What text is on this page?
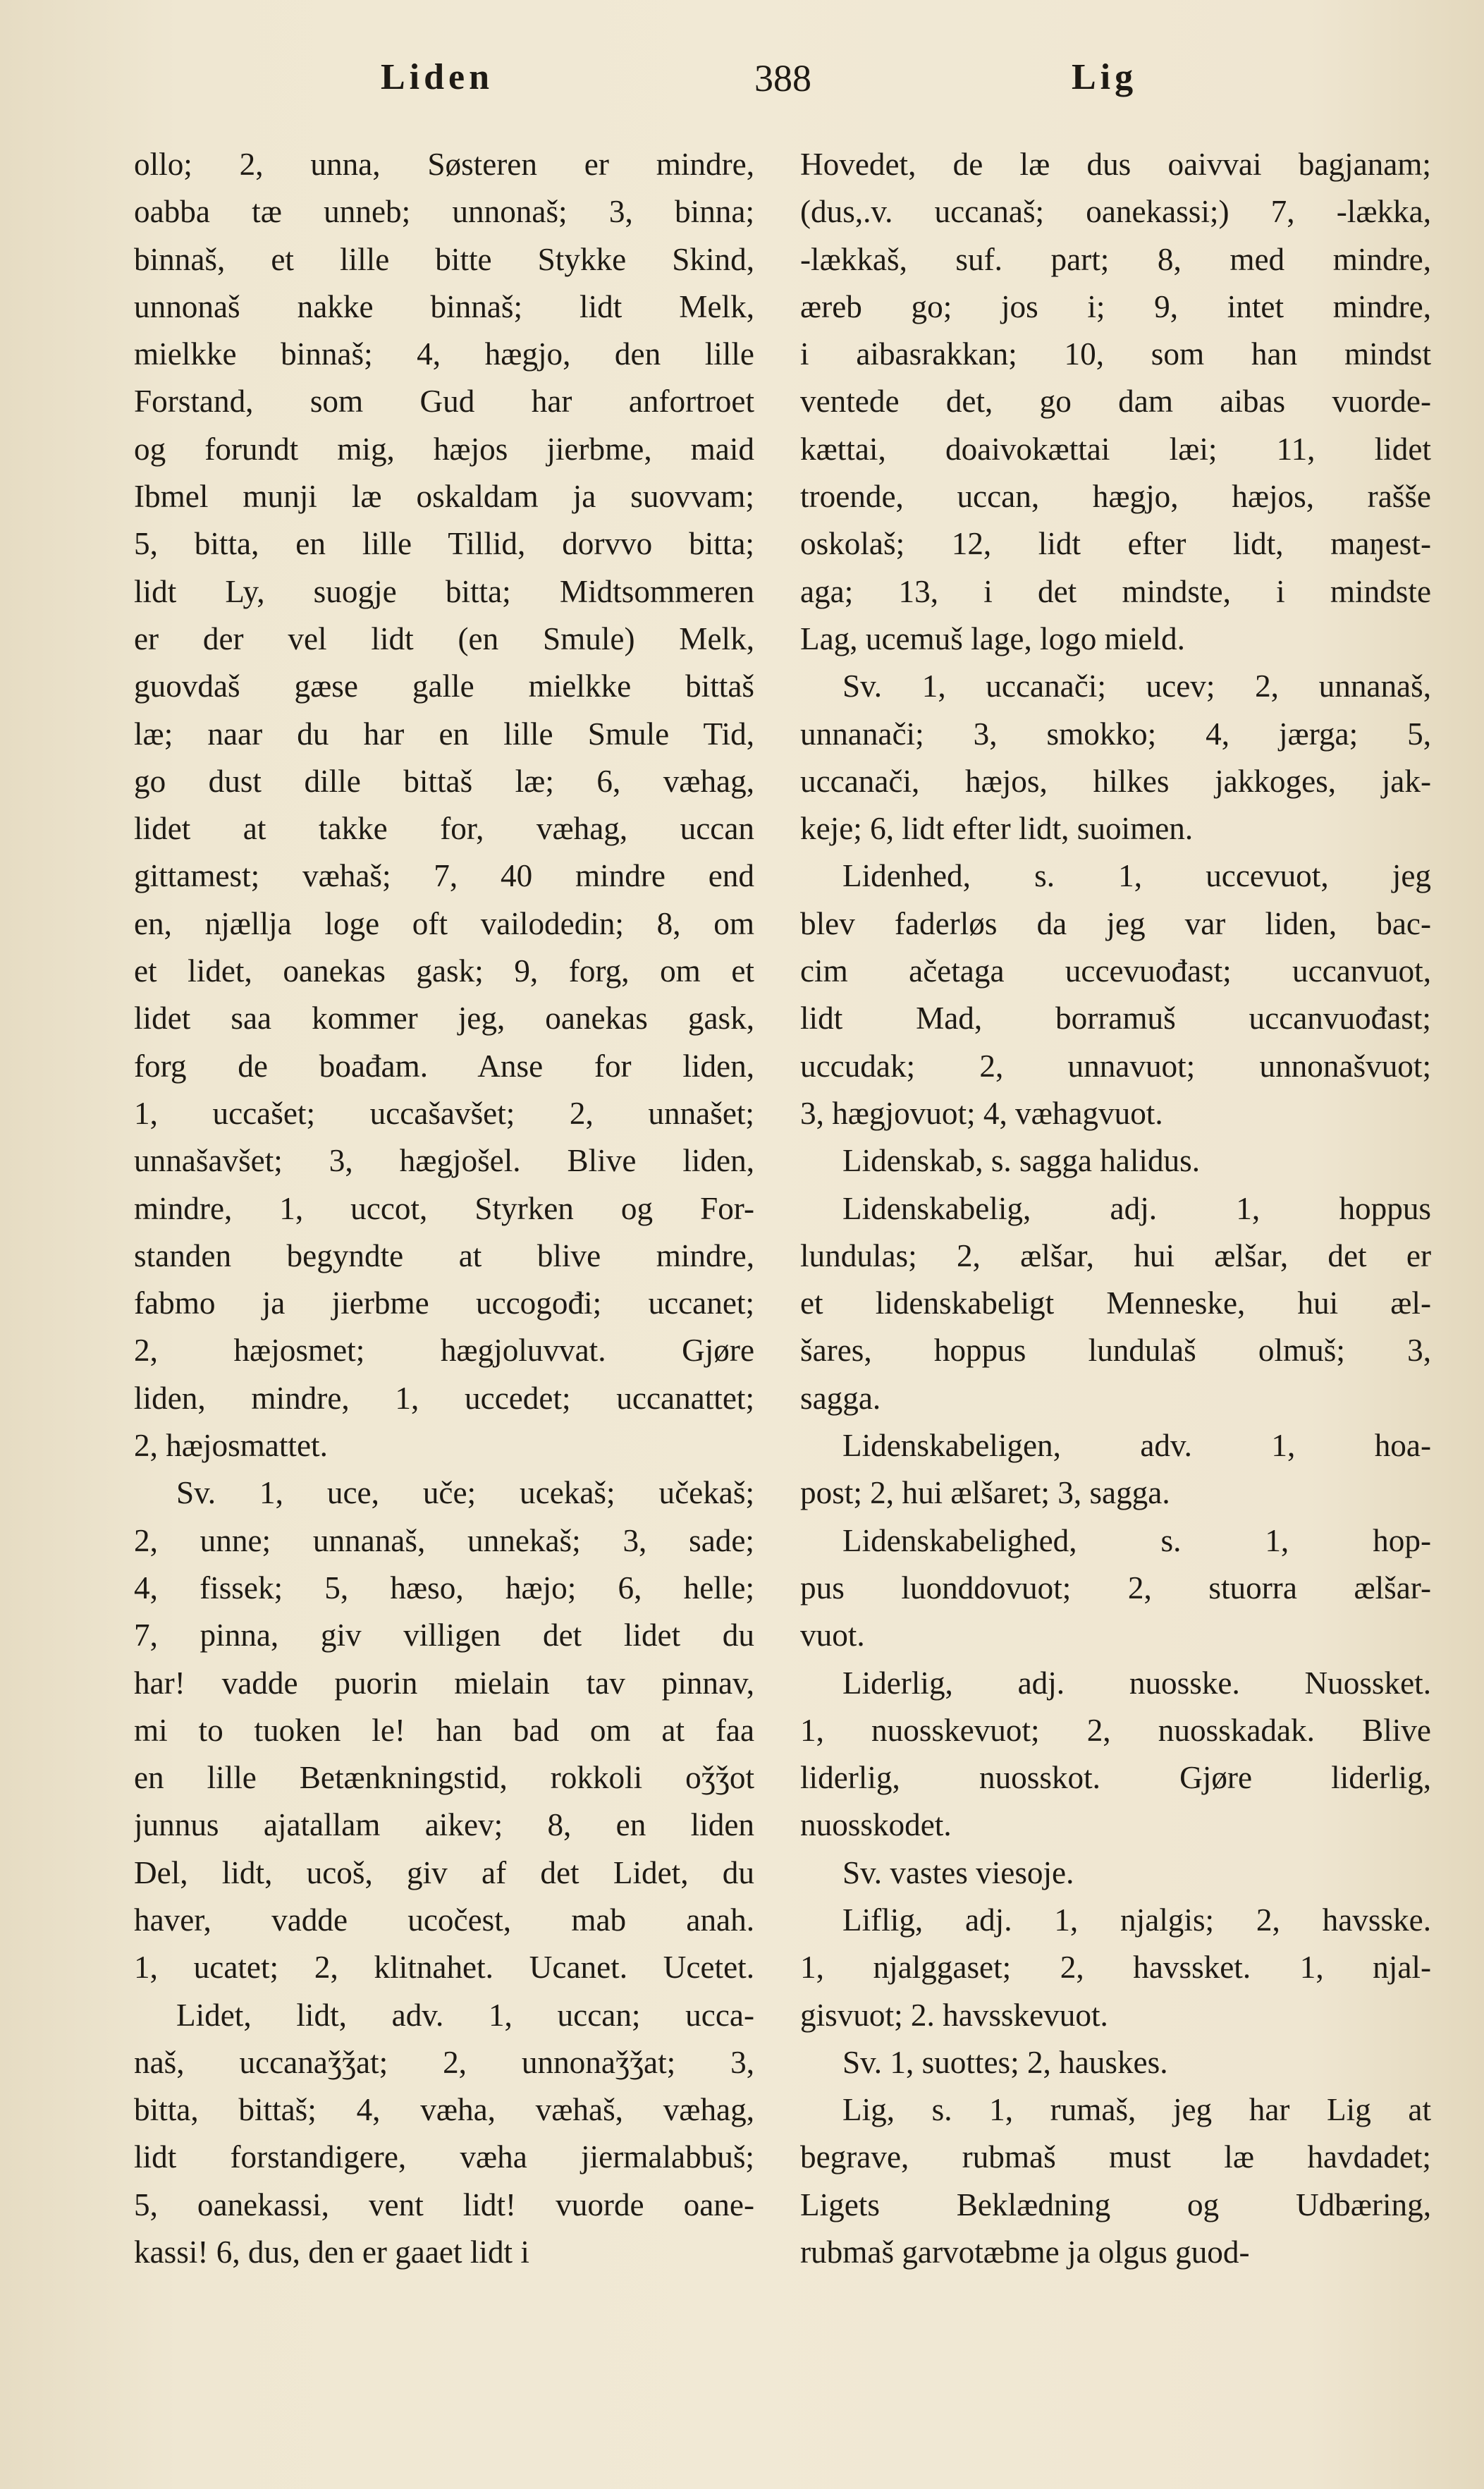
Liden	388	Lig

ollo; 2, unna, Søsteren er mindre,

oabba tæ unneb; unnonaš; 3, binna;

binnaš, et lille bitte Stykke Skind,

unnonaš nakke binnaš; lidt Melk,

mielkke binnaš; 4, hægjo, den lille

Forstand, som Gud har anfortroet

og forundt mig, hæjos jierbme, maid

Ibmel munji læ oskaldam ja suovvam;

5, bitta, en lille Tillid, dorvvo bitta;

lidt Ly, suogje bitta; Midtsommeren

er der vel lidt (en Smule) Melk,

guovdaš gæse galle mielkke bittaš

læ; naar du har en lille Smule Tid,

go dust dille bittaš læ; 6, væhag,

lidet at takke for, væhag, uccan

gittamest; væhaš; 7, 40 mindre end

en, njællja loge oft vailodedin; 8, om

et lidet, oanekas gask; 9, forg, om et

lidet saa kommer jeg, oanekas gask,

forg de boađam. Anse for liden,

1, uccašet; uccašavšet; 2, unnašet;

unnašavšet; 3, hægjošel. Blive liden,

mindre, 1, uccot, Styrken og For-

standen begyndte at blive mindre,

fabmo ja jierbme uccogođi; uccanet;

2, hæjosmet; hægjoluvvat. Gjøre

liden, mindre, 1, uccedet; uccanattet;

2, hæjosmattet.

Sv. 1, uce, uče; ucekaš; učekaš;

2, unne; unnanaš, unnekaš; 3, sade;

4, fissek; 5, hæso, hæjo; 6, helle;

7, pinna, giv villigen det lidet du

har! vadde puorin mielain tav pinnav,

mi to tuoken le! han bad om at faa

en lille Betænkningstid, rokkoli oǯǯot

junnus ajatallam aikev; 8, en liden

Del, lidt, ucoš, giv af det Lidet, du

haver, vadde ucočest, mab anah.

1, ucatet; 2, klitnahet. Ucanet. Ucetet.

Lidet, lidt, adv. 1, uccan; ucca-

naš, uccanaǯǯat; 2, unnonaǯǯat; 3,

bitta, bittaš; 4, væha, væhaš, væhag,

lidt forstandigere, væha jiermalabbuš;

5, oanekassi, vent lidt! vuorde oane-

kassi! 6, dus, den er gaaet lidt i

Hovedet, de læ dus oaivvai bagjanam;

(dus,.v. uccanaš; oanekassi;) 7, -lækka,

-lækkaš, suf. part; 8, med mindre,

æreb go; jos i; 9, intet mindre,

i aibasrakkan; 10, som han mindst

ventede det, go dam aibas vuorde-

kættai, doaivokættai læi; 11, lidet

troende, uccan, hægjo, hæjos, rašše

oskolaš; 12, lidt efter lidt, maŋest-

aga; 13, i det mindste, i mindste

Lag, ucemuš lage, logo mield.

Sv. 1, uccanači; ucev; 2, unnanaš,

unnanači; 3, smokko; 4, jærga; 5,

uccanači, hæjos, hilkes jakkoges, jak-

keje; 6, lidt efter lidt, suoimen.

Lidenhed, s. 1, uccevuot, jeg

blev faderløs da jeg var liden, bac-

cim ačetaga uccevuođast; uccanvuot,

lidt Mad, borramuš uccanvuođast;

uccudak; 2, unnavuot; unnonašvuot;

3, hægjovuot; 4, væhagvuot.

Lidenskab, s. sagga halidus.

Lidenskabelig, adj. 1, hoppus

lundulas; 2, ælšar, hui ælšar, det er

et lidenskabeligt Menneske, hui æl-

šares, hoppus lundulaš olmuš; 3,

sagga.

Lidenskabeligen, adv. 1, hoa-

post; 2, hui ælšaret; 3, sagga.

Lidenskabelighed, s. 1, hop-

pus luonddovuot; 2, stuorra ælšar-

vuot.

Liderlig, adj. nuosske. Nuossket.

1, nuosskevuot; 2, nuosskadak. Blive

liderlig, nuosskot. Gjøre liderlig,

nuosskodet.

Sv. vastes viesoje.

Liflig, adj. 1, njalgis; 2, havsske.

1, njalggaset; 2, havssket. 1, njal-

gisvuot; 2. havsskevuot.

Sv. 1, suottes; 2, hauskes.

Lig, s. 1, rumaš, jeg har Lig at

begrave, rubmaš must læ havdadet;

Ligets Beklædning og Udbæring,

rubmaš garvotæbme ja olgus guod-
